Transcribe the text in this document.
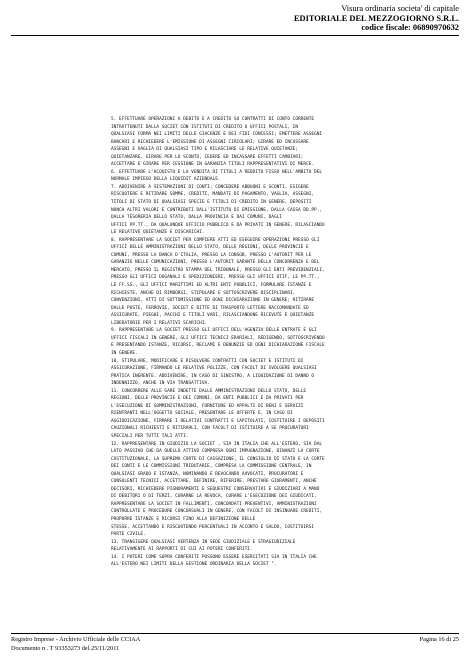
Visura ordinaria societa' di capitale
EDITORIALE DEL MEZZOGIORNO S.R.L.
codice fiscale: 06890970632
5. EFFETTUARE OPERAZIONI A DEBITO E A CREDITO SU CONTRATTI DI CONTO CORRENTE
INTRATTENUTI DALLA SOCIET CON ISTITUTI DI CREDITO O UFFICI POSTALI, IN
QUALSIASI FORMA NEI LIMITI DELLE GIACENZE E DEI FIDI CONCESSI; EMETTERE ASSEGNI
BANCARI E RICHIEDERE L'EMISSIONE DI ASSEGNI CIRCOLARI; GIRARE ED INCASSARE
ASSEGNI E VAGLIA DI QUALSIASI TIPO E RILASCIARE LE RELATIVE QUIETANZE;
QUIETANZARE, GIRARE PER LO SCONTO, CEDERE ED INCASSARE EFFETTI CAMBIARI;
ACCETTARE E GIRARE PER CESSIONE IN GARANZIA TITOLI RAPPRESENTATIVI DI MERCE.
6. EFFETTUARE L'ACQUISTO E LA VENDITA DI TITOLI A REDDITO FISSO NELL'AMBITO DEL
NORMALE IMPIEGO DELLA LIQUIDIT AZIENDALE.
7. ADDIVENIRE A SISTEMAZIONI DI CONTI; CONCEDERE ABBUONI E SCONTI, ESIGERE
RISCUOTERE E RITIRARE SOMME, CREDITI, MANDATI DI PAGAMENTO, VAGLIA, ASSEGNI,
TITOLI DI STATO DI QUALSIASI SPECIE E TITOLI DI CREDITO IN GENERE, DEPOSITI
NONCH ALTRI VALORI E CONTRIBUTI DALL'ISTITUTO DI EMISSIONE, DALLA CASSA DD.PP.,
DALLA TESORERIA DELLO STATO, DALLA PROVINCIA E DAI COMUNI, DAGLI
UFFICI PP.TT., DA QUALUNQUE UFFICIO PUBBLICO E DA PRIVATI IN GENERE, RILASCIANDO
LE RELATIVE QUIETANZE E DISCARICHI.
8. RAPPRESENTARE LA SOCIET PER COMPIERE ATTI ED ESEGUIRE OPERAZIONI PRESSO GLI
UFFICI DELLE AMMINISTRAZIONI DELLO STATO, DELLE REGIONI, DELLE PROVINCIE E
COMUNI, PRESSO LA BANCA D'ITALIA, PRESSO LA CONSOB, PRESSO L'AUTORIT PER LE
GARANZIE NELLE COMUNICAZIONI, PRESSO L'AUTORIT GARANTE DELLA CONCORRENZA E DEL
MERCATO, PRESSO IL REGISTRO STAMPA DEL TRIBUNALE, PRESSO GLI ENTI PREVIDENZIALI,
PRESSO GLI UFFICI DOGANALI E SPEDIZIONIERI, PRESSO GLI UFFICI UTIF, LE PP.TT.,
LE FF.SS., GLI UFFICI MARITTIMI ED ALTRI ENTI PUBBLICI, FORMULARE ISTANZE E
RICHIESTE, ANCHE DI RIMBORSI, STIPULARE E SOTTOSCRIVERE DISCIPLINARI,
CONVENZIONI, ATTI DI SOTTOMISSIONE ED OGNI DICHIARAZIONE IN GENERE; RITIRARE
DALLE POSTE, FERROVIE, SOCIET E DITTE DI TRASPORTO LETTERE RACCOMANDATE ED
ASSICURATE, PIEGHI, PACCHI E TITOLI VARI, RILASCIANDONE RICEVUTE E QUIETANZE
LIBERATORIE PER I RELATIVI SCARICHI.
9. RAPPRESENTARE LA SOCIET PRESSO GLI UFFICI DELL'AGENZIA DELLE ENTRATE E GLI
UFFICI FISCALI IN GENERE, GLI UFFICI TECNICI ERARIALI, REDIGENDO, SOTTOSCRIVENDO
E PRESENTANDO ISTANZE, RICORSI, RECLAMI E DENUNZIE ED OGNI DICHIARAZIONE FISCALE
IN GENERE.
10. STIPULARE, MODIFICARE E RISOLVERE CONTRATTI CON SOCIET E ISTITUTI DI
ASSICURAZIONE, FIRMANDO LE RELATIVE POLIZZE, CON FACOLT DI SVOLGERE QUALSIASI
PRATICA INERENTE. ADDIVENIRE, IN CASO DI SINISTRO, A LIQUIDAZIONE DI DANNO O
INDENNIZZO, ANCHE IN VIA TRANSATTIVA.
11. CONCORRERE ALLE GARE INDETTE DALLE AMMINISTRAZIONI DELLO STATO, DELLE
REGIONI, DELLE PROVINCIE E DEI COMUNI, DA ENTI PUBBLICI E DA PRIVATI PER
L'ESECUZIONE DI SOMMINISTRAZIONI, FORNITURE ED APPALTI DI BENI E SERVIZI
RIENTRANTI NELL'OGGETTO SOCIALE, PRESENTARE LE OFFERTE E, IN CASO DI
AGGIUDICAZIONE, FIRMARE I RELATIVI CONTRATTI E CAPITOLATI, COSTITUIRE I DEPOSITI
CAUZIONALI RICHIESTI E RITIRARLI, CON FACOLT DI ISTITUIRE A SE PROCURATORI
SPECIALI PER TUTTI TALI ATTI.
12. RAPPRESENTARE IN GIUDIZIO LA SOCIET , SIA IN ITALIA CHE ALL'ESTERO, SIA DAL
LATO PASSIVO CHE DA QUELLO ATTIVO COMPRESA OGNI IMPUGNAZIONE, DINANZI LA CORTE
COSTITUZIONALE, LA SUPREMA CORTE DI CASSAZIONE, IL CONSIGLIO DI STATO E LA CORTE
DEI CONTI E LE COMMISSIONI TRIBUTARIE, COMPRESA LA COMMISSIONE CENTRALE, IN
QUALSIASI GRADO E ISTANZA, NOMINANDO E REVOCANDO AVVOCATI, PROCURATORI E
CONSULENTI TECNICI, ACCETTARE, DEFINIRE, RIFERIRE, PRESTARE GIURAMENTI, ANCHE
DECISORI, RICHIEDERE PIGNORAMENTI E SEQUESTRI CONSERVATIVI E GIUDIZIARI A MANO
DI DEBITORI O DI TERZI, CURARNE LA REVOCA, CURARE L'ESECUZIONE DEI GIUDICATI,
RAPPRESENTARE LA SOCIET IN FALLIMENTI, CONCORDATI PREVENTIVI, AMMINISTRAZIONI
CONTROLLATE E PROCEDURE CONCORSUALI IN GENERE, CON FACOLT DI INSINUARE CREDITI,
PROPORRE ISTANZE E RICORSI FINO ALLA DEFINIZIONE DELLE
STESSE, ACCETTANDO E RISCUOTENDO PERCENTUALI IN ACCONTO E SALDO, COSTITUIRSI
PARTE CIVILE.
13. TRANSIGERE QUALSIASI VERTENZA IN SEDE GIUDIZIALE E STRAGIUDIZIALE
RELATIVAMENTE AI RAPPORTI DI CUI AI POTERI CONFERITI.
14. I POTERI COME SOPRA CONFERITI POSSONO ESSERE ESERCITATI SIA IN ITALIA CHE
ALL'ESTERO NEI LIMITI DELLA GESTIONE ORDINARIA DELLA SOCIET ".
Registro Imprese - Archivio Ufficiale delle CCIAA
Documento n . T 93353273 del 25/11/2011
Pagina 16 di 25
